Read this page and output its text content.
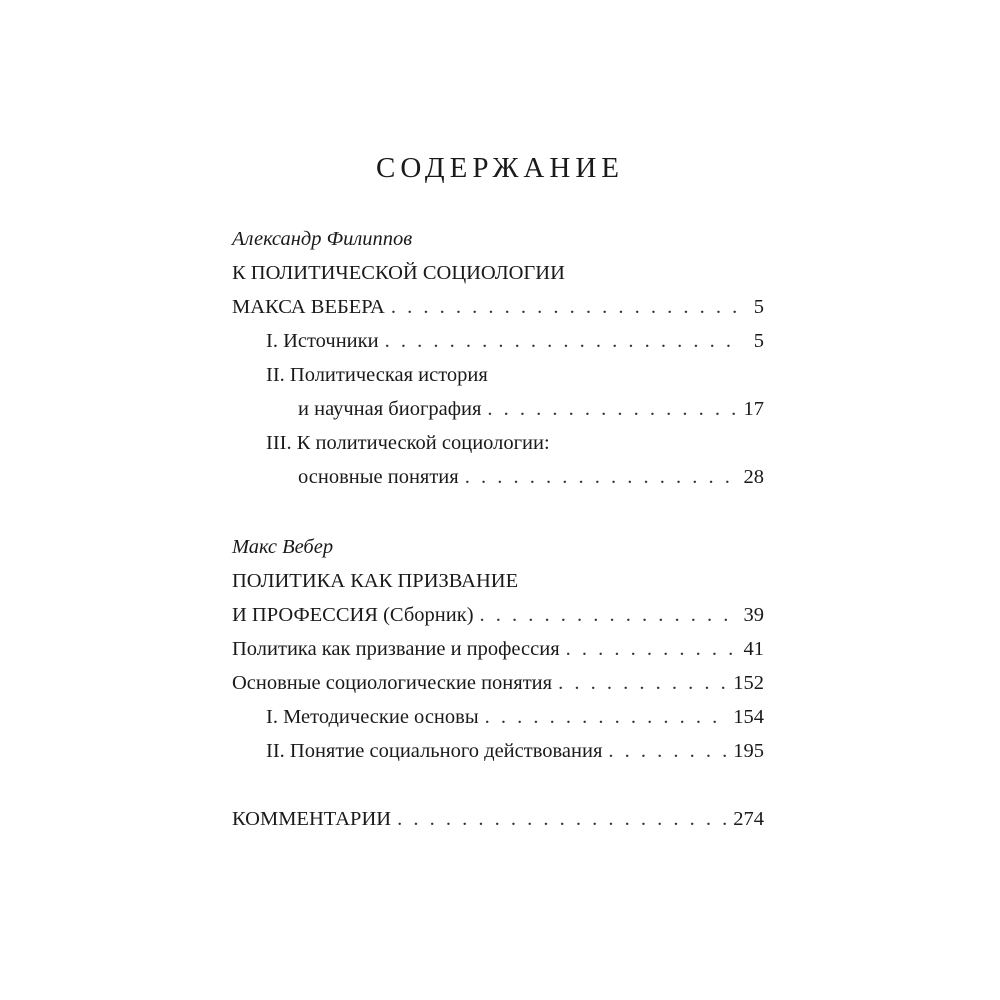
СОДЕРЖАНИЕ
Александр Филиппов
К ПОЛИТИЧЕСКОЙ СОЦИОЛОГИИ
МАКСА ВЕБЕРА . . .	5
I. Источники . . .	5
II. Политическая история
и научная биография . . .	17
III. К политической социологии:
основные понятия . . .	28
Макс Вебер
ПОЛИТИКА КАК ПРИЗВАНИЕ
И ПРОФЕССИЯ (Сборник) . . .	39
Политика как призвание и профессия . . .	41
Основные социологические понятия . . .	152
I. Методические основы . . .	154
II. Понятие социального действования . . .	195
КОММЕНТАРИИ . . .	274
